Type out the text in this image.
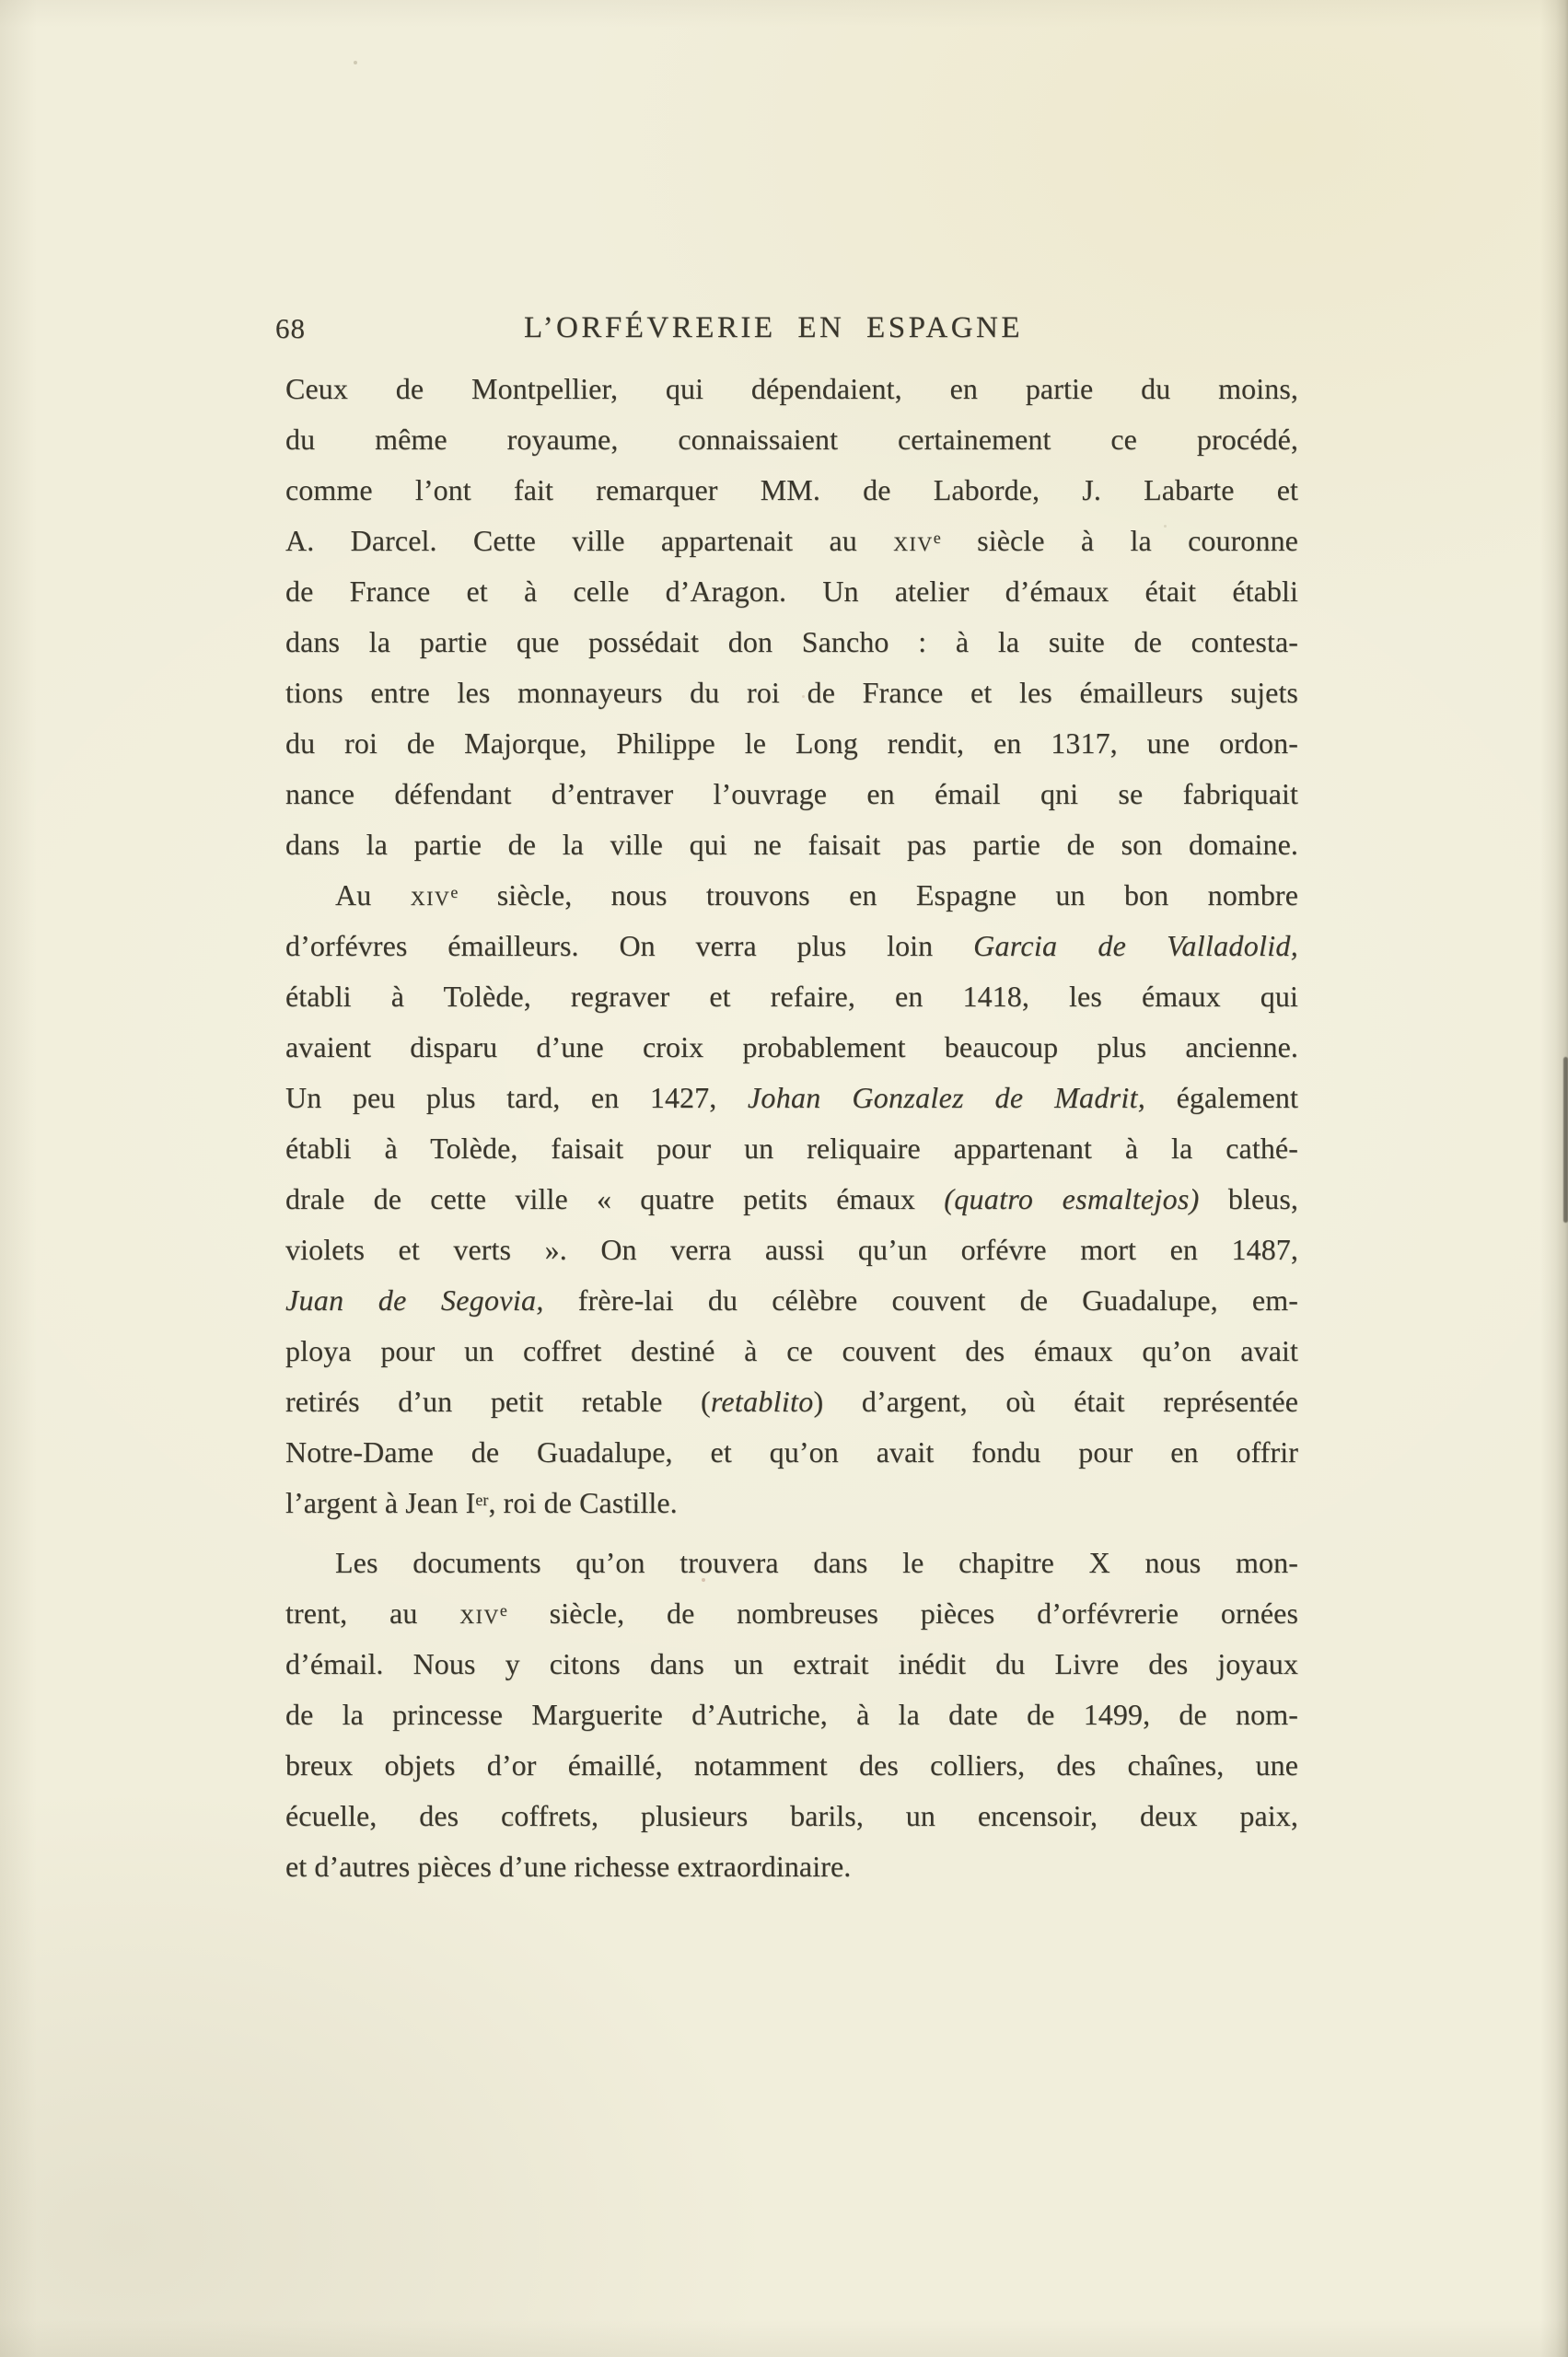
68	L’ORFÉVRERIE EN ESPAGNE
Ceux de Montpellier, qui dépendaient, en partie du moins,
du même royaume, connaissaient certainement ce procédé,
comme l’ont fait remarquer MM. de Laborde, J. Labarte et
A. Darcel. Cette ville appartenait au xiv$^e$ siècle à la couronne
de France et à celle d’Aragon. Un atelier d’émaux était établi
dans la partie que possédait don Sancho : à la suite de contesta-
tions entre les monnayeurs du roi de France et les émailleurs sujets
du roi de Majorque, Philippe le Long rendit, en 1317, une ordon-
nance défendant d’entraver l’ouvrage en émail qni se fabriquait
dans la partie de la ville qui ne faisait pas partie de son domaine.
Au xiv$^e$ siècle, nous trouvons en Espagne un bon nombre
d’orfévres émailleurs. On verra plus loin Garcia de Valladolid,
établi à Tolède, regraver et refaire, en 1418, les émaux qui
avaient disparu d’une croix probablement beaucoup plus ancienne.
Un peu plus tard, en 1427, Johan Gonzalez de Madrit, également
établi à Tolède, faisait pour un reliquaire appartenant à la cathé-
drale de cette ville « quatre petits émaux (quatro esmaltejos) bleus,
violets et verts ». On verra aussi qu’un orfévre mort en 1487,
Juan de Segovia, frère-lai du célèbre couvent de Guadalupe, em-
ploya pour un coffret destiné à ce couvent des émaux qu’on avait
retirés d’un petit retable (retablito) d’argent, où était représentée
Notre-Dame de Guadalupe, et qu’on avait fondu pour en offrir
l’argent à Jean Ier, roi de Castille.
Les documents qu’on trouvera dans le chapitre X nous mon-
trent, au xiv$^e$ siècle, de nombreuses pièces d’orfévrerie ornées
d’émail. Nous y citons dans un extrait inédit du Livre des joyaux
de la princesse Marguerite d’Autriche, à la date de 1499, de nom-
breux objets d’or émaillé, notamment des colliers, des chaînes, une
écuelle, des coffrets, plusieurs barils, un encensoir, deux paix,
et d’autres pièces d’une richesse extraordinaire.
